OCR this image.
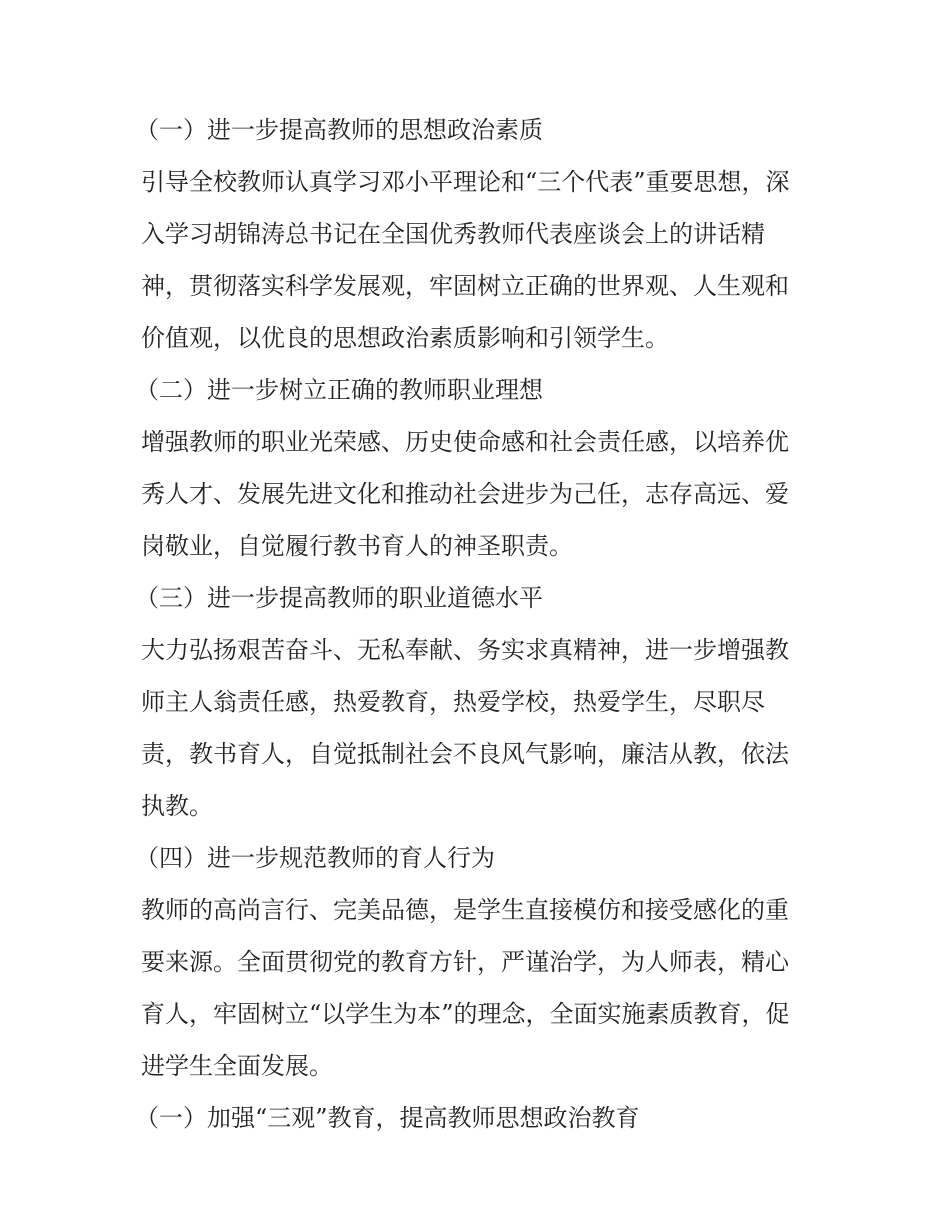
（一）进一步提高教师的思想政治素质
引导全校教师认真学习邓小平理论和“三个代表”重要思想，深
入学习胡锦涛总书记在全国优秀教师代表座谈会上的讲话精
神，贯彻落实科学发展观，牢固树立正确的世界观、人生观和
价值观，以优良的思想政治素质影响和引领学生。
（二）进一步树立正确的教师职业理想
增强教师的职业光荣感、历史使命感和社会责任感，以培养优
秀人才、发展先进文化和推动社会进步为己任，志存高远、爱
岗敬业，自觉履行教书育人的神圣职责。
（三）进一步提高教师的职业道德水平
大力弘扬艰苦奋斗、无私奉献、务实求真精神，进一步增强教
师主人翁责任感，热爱教育，热爱学校，热爱学生，尽职尽
责，教书育人，自觉抵制社会不良风气影响，廉洁从教，依法
执教。
（四）进一步规范教师的育人行为
教师的高尚言行、完美品德，是学生直接模仿和接受感化的重
要来源。全面贯彻党的教育方针，严谨治学，为人师表，精心
育人，牢固树立“以学生为本”的理念，全面实施素质教育，促
进学生全面发展。
（一）加强“三观”教育，提高教师思想政治教育
